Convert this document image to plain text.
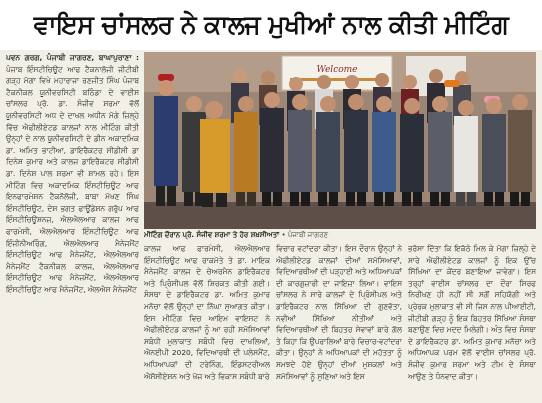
ਵਾਇਸ ਚਾਂਸਲਰ ਨੇ ਕਾਲਜ ਮੁਖੀਆਂ ਨਾਲ ਕੀਤੀ ਮੀਟਿੰਗ

ਪਵਨ ਗਰਗ, ਪੰਜਾਬੀ ਜਾਗਰਣ, ਬਾਘਾਪੁਰਾਣਾ : ਪੰਜਾਬ ਇੰਸਟੀਚਿਊਟ ਆਫ ਟੈਕਨਾਲੋਜੀ ਜੀਟੀਬੀ ਗੜ੍ਹ ਮੋਗਾ ਵਿਖੇ ਮਹਾਰਾਜਾ ਰਣਜੀਤ ਸਿੰਘ ਪੰਜਾਬ ਟੈਕਨੀਕਲ ਯੂਨੀਵਰਸਿਟੀ ਬਠਿੰਡਾ ਦੇ ਵਾਈਸ ਚਾਂਸਲਰ ਪ੍ਰੋ. ਡਾ. ਸੰਜੀਵ ਸ਼ਰਮਾ ਵੱਲੋਂ ਯੂਨੀਵਰਸਿਟੀ ਅਧ ਦੇ ਦਾਖਲ ਅਧੀਨ ਮੋਗੇ ਜ਼ਿਲ੍ਹੇ ਵਿੱਚ ਐਫੀਲੀਏਟਡ ਕਾਲਜਾਂ ਨਾਲ ਮੀਟਿੰਗ ਕੀਤੀ ਉਨ੍ਹਾਂ ਦੇ ਨਾਲ ਯੂਨੀਵਰਸਿਟੀ ਦੇ ਡੀਨ ਅਕਾਦਮਿਕ ਡਾ. ਅਮਿਤ ਭਾਟੀਆ, ਡਾਇਰੈਕਟਰ ਸੀਡੀਸੀ ਡਾ ਦਿਨੇਸ਼ ਕੁਮਾਰ ਅਤੇ ਕਾਲਜ ਡਾਇਰੈਕਟਰ ਸੀਡੀਸੀ ਡਾ. ਦਿਨੇਸ਼ ਪਾਲ ਸ਼ਰਮਾ ਵੀ ਸ਼ਾਮਲ ਰਹੇ। ਇਸ ਮੀਟਿੰਗ ਵਿਚ ਅਕਾਦਮਿਕ ਇੰਸਟੀਚਿਊਟ ਆਫ ਇਨਫਾਰਮੇਸ਼ਨ ਟੈਕਨੋਲੋਜੀ, ਬਾਬਾ ਮੱਖਣ ਸਿੰਘ ਇੰਸਟੀਚਿਊਟ, ਦੇਸ਼ ਭਗਤ ਫਾਊਂਡੇਸ਼ਨ ਗਰੁੱਪ ਆਫ ਇੰਸਟੀਚਿਊਸ਼ਨਜ਼, ਐਲਐਲਆਰ ਕਾਲਜ ਆਫ ਫਾਰਮੇਸੀ, ਐਲਐਲਆਰ ਇੰਸਟੀਚਿਊਟ ਆਫ ਇੰਜੀਨੀਅਰਿੰਗ, ਐਲਐਲਆਰ ਮੈਨੇਜਮੈਂਟ ਇੰਸਟੀਚਿਊਟ ਆਫ ਮੈਨੇਜਮੈਂਟ, ਐਲਐਲਆਰ ਮੈਨੇਜਮੈਂਟ ਟੈਕਨੀਕਲ ਕਾਲਜ, ਐਲਐਲਆਰ ਇੰਸਟੀਚਿਊਟ ਆਫ ਮੈਨੇਜਮੈਂਟ, ਐਲਐਲਆਰ ਇੰਸਟੀਚਿਊਟ ਆਫ ਮੈਨੇਜਮੈਂਟ, ਐਲਐਸ ਮੈਨੇਜਮੈਂਟ

Welcome
ਮੀਟਿੰਗ ਦੌਰਾਨ ਪ੍ਰੋ. ਸੰਜੀਵ ਸ਼ਰਮਾ ਤੇ ਹੋਰ ਸ਼ਖ਼ਸੀਅਤਾਂ • ਪੰਜਾਬੀ ਜਾਗਰਣ

ਕਾਲਜ ਆਫ ਫਾਰਮੇਸੀ, ਐਲਐਲਆਰ ਇੰਸਟੀਚਿਊਟ ਆਫ ਰਾਕਮੋਤੇ ਤੇ ਡਾ. ਮਾਇਕ ਮੈਨੇਜਮੈਂਟ ਕਾਲਜ ਦੇ ਚੇਅਰਮੈਨ ਡਾਇਰੈਕਟਰ ਅਤੇ ਪ੍ਰਿੰਸੀਪਲ ਵੱਲੋਂ ਸ਼ਿਰਕਤ ਕੀਤੀ ਗਈ। ਸੰਸਥਾ ਦੇ ਡਾਇਰੈਕਟਰ ਡਾ. ਅਮਿਤ ਕੁਮਾਰ ਮਨੋਚਾ ਵੱਲੋਂ ਉਨ੍ਹਾਂ ਦਾ ਨਿੱਘਾ ਸੁਆਗਤ ਕੀਤਾ। ਇਸ ਮੀਟਿੰਗ ਵਿਚ ਆਇਮ ਵਾਇਸਟ ਨੇ ਐਫੀਲੀਏਟਡ ਕਾਲਜਾਂ ਨੂੰ ਆ ਰਹੀ ਸਮੱਸਿਆਵਾਂ ਸਬੰਧੀ ਮੁਲਾਕਾਤ ਸਬੰਧੀ ਵਿਚ ਦਾਖਲਿਆਂ, ਐਨਈਪੀ 2020, ਵਿਦਿਆਰਥੀ ਦੀ ਪਲੇਸਮੈਂਟ, ਅਧਿਆਪਕਾਂ ਦੀ ਟਰੇਨਿੰਗ, ਇੰਡਸਟਰੀਅਲ ਐਸੋਸੀਏਸ਼ਨ ਅਤੇ ਖੋਜ ਅਤੇ ਵਿਕਾਸ ਸਬੰਧੀ ਬਾਰੇ

ਵਿਚਾਰ ਵਟਾਂਦਰਾ ਕੀਤਾ। ਇਸ ਦੌਰਾਨ ਉਨ੍ਹਾਂ ਨੇ ਐਫੀਲੀਏਟਡ ਕਾਲਜਾਂ ਦੀਆਂ ਸਮੱਸਿਆਵਾਂ, ਵਿਦਿਆਰਥੀਆਂ ਦੀ ਪੜ੍ਹਾਈ ਅਤੇ ਅਧਿਆਪਕਾਂ ਦੀ ਕਾਰਗੁਜ਼ਾਰੀ ਦਾ ਜਾਇਜ਼ਾ ਲਿਆ। ਵਾਇਸ ਚਾਂਸਲਰ ਨੇ ਸਾਰੇ ਕਾਲਜਾਂ ਦੇ ਪ੍ਰਿੰਸੀਪਲ ਅਤੇ ਡਾਇਰੈਕਟਰ ਨਾਲ ਸਿੱਖਿਆ ਦੀ ਗੁਣਵੱਤਾ, ਨਵੀਆਂ ਸਿੱਖਿਆ ਨੀਤੀਆਂ ਅਤੇ ਵਿਦਿਆਰਥੀਆਂ ਦੀ ਬਿਹਤਰ ਸੇਵਾਵਾਂ ਬਾਰੇ ਗੱਲ ਤੇ ਕਿਹਾ ਕਿ ਉਪਰਾਲਿਆਂ ਬਾਰੇ ਵਿਚਾਰ-ਵਟਾਂਦਰਾ ਕੀਤਾ। ਉਨ੍ਹਾਂ ਨੇ ਅਧਿਆਪਕਾਂ ਦੀ ਮਹੱਤਤਾ ਨੂੰ ਸਮਝਦੇ ਹੋਏ ਉਨ੍ਹਾਂ ਦੀਆਂ ਮੁਸ਼ਕਲਾਂ ਅਤੇ ਸਮੱਸਿਆਵਾਂ ਨੂੰ ਸੁਣਿਆ ਅਤੇ ਇਸ

ਭਰੋਸਾ ਦਿੱਤਾ ਕਿ ਇਕੱਠੇ ਮਿਲ ਕੇ ਮੋਗਾ ਜ਼ਿਲ੍ਹੇ ਦੇ ਸਾਰੇ ਐਫੀਲੀਏਟਡ ਕਾਲਜਾਂ ਨੂੰ ਇਕ ਉੱਚ ਸਿੱਖਿਆ ਦਾ ਕੇਂਦਰ ਬਣਾਇਆ ਜਾਵੇਗਾ। ਇਸ ਤਰ੍ਹਾਂ ਵਾਈਸ ਚਾਂਸਲਰ ਦਾ ਦੌਰਾ ਸਿਰਫ ਨਿਰੀਖਣ ਹੀ ਨਹੀਂ ਸੀ ਸਗੋਂ ਸਹਿਯੋਗੀ ਅਤੇ ਪ੍ਰੇਰਕ ਮੁਲਾਕਾਤ ਵੀ ਸੀ ਜਿਸ ਨਾਲ ਪੀਆਈਟੀ, ਜੀਟੀਬੀ ਗੜ੍ਹ ਨੂੰ ਇਕ ਬਿਹਤਰ ਸਿੱਖਿਆ ਸੰਸਥਾ ਬਣਾਉਣ ਵਿਚ ਮਦਦ ਮਿਲੇਗੀ। ਅੰਤ ਵਿਚ ਸੰਸਥਾ ਦੇ ਡਾਇਰੈਕਟਰ ਡਾ. ਅਮਿਤ ਕੁਮਾਰ ਮਨੋਚਾ ਅਤੇ ਅਧਿਆਪਕ ਪਰਮ ਵੱਲੋਂ ਵਾਈਸ ਚਾਂਸਲਰ ਪ੍ਰੋ. ਸੰਜੀਵ ਕੁਮਾਰ ਸ਼ਰਮਾ ਅਤੇ ਟੀਮ ਦੇ ਸੰਸਥਾ ਆਉਣ ਤੇ ਧੰਨਵਾਦ ਕੀਤਾ।
